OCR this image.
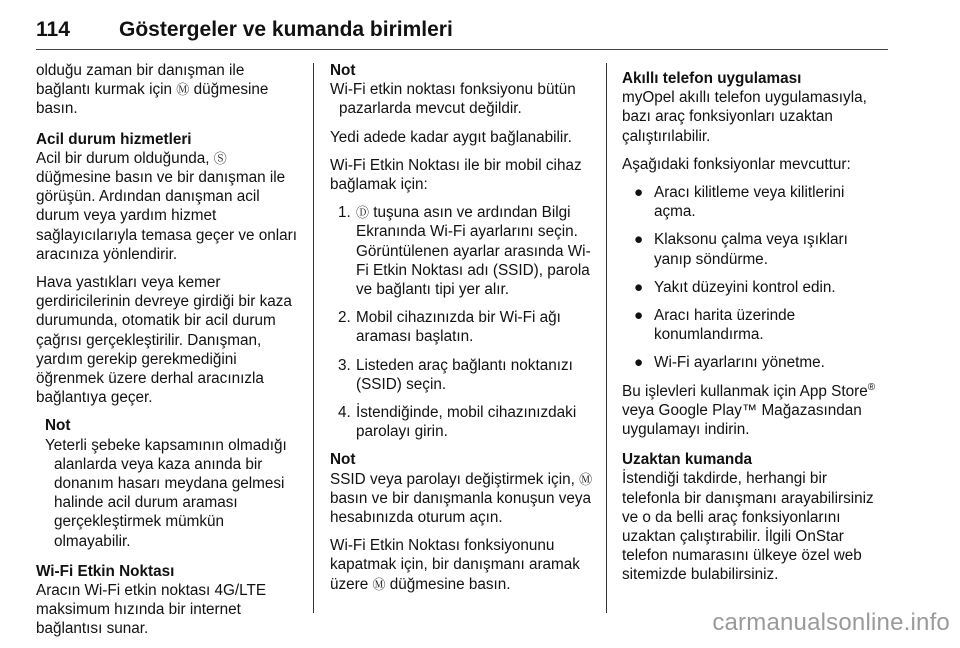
114 Göstergeler ve kumanda birimleri

olduğu zaman bir danışman ile bağlantı kurmak için Ⓜ düğmesine basın.

Acil durum hizmetleri

Acil bir durum olduğunda, Ⓢ düğmesine basın ve bir danışman ile görüşün. Ardından danışman acil durum veya yardım hizmet sağlayıcılarıyla temasa geçer ve onları aracınıza yönlendirir.

Hava yastıkları veya kemer gerdiricilerinin devreye girdiği bir kaza durumunda, otomatik bir acil durum çağrısı gerçekleştirilir. Danışman, yardım gerekip gerekmediğini öğrenmek üzere derhal aracınızla bağlantıya geçer.

Not
Yeterli şebeke kapsamının olmadığı alanlarda veya kaza anında bir donanım hasarı meydana gelmesi halinde acil durum araması gerçekleştirmek mümkün olmayabilir.

Wi-Fi Etkin Noktası

Aracın Wi-Fi etkin noktası 4G/LTE maksimum hızında bir internet bağlantısı sunar.

Not
Wi-Fi etkin noktası fonksiyonu bütün pazarlarda mevcut değildir.

Yedi adede kadar aygıt bağlanabilir.

Wi-Fi Etkin Noktası ile bir mobil cihaz bağlamak için:

1. Ⓓ tuşuna asın ve ardından Bilgi Ekranında Wi-Fi ayarlarını seçin. Görüntülenen ayarlar arasında Wi-Fi Etkin Noktası adı (SSID), parola ve bağlantı tipi yer alır.
2. Mobil cihazınızda bir Wi-Fi ağı araması başlatın.
3. Listeden araç bağlantı noktanızı (SSID) seçin.
4. İstendiğinde, mobil cihazınızdaki parolayı girin.
Not
SSID veya parolayı değiştirmek için, Ⓜ basın ve bir danışmanla konuşun veya hesabınızda oturum açın.

Wi-Fi Etkin Noktası fonksiyonunu kapatmak için, bir danışmanı aramak üzere Ⓜ düğmesine basın.

Akıllı telefon uygulaması

myOpel akıllı telefon uygulamasıyla, bazı araç fonksiyonları uzaktan çalıştırılabilir.

Aşağıdaki fonksiyonlar mevcuttur:

● Aracı kilitleme veya kilitlerini açma.
● Klaksonu çalma veya ışıkları yanıp söndürme.
● Yakıt düzeyini kontrol edin.
● Aracı harita üzerinde konumlandırma.
● Wi-Fi ayarlarını yönetme.

Bu işlevleri kullanmak için App Store® veya Google Play™ Mağazasından uygulamayı indirin.

Uzaktan kumanda

İstendiği takdirde, herhangi bir telefonla bir danışmanı arayabilirsiniz ve o da belli araç fonksiyonlarını uzaktan çalıştırabilir. İlgili OnStar telefon numarasını ülkeye özel web sitemizde bulabilirsiniz.

carmanualsonline.info
